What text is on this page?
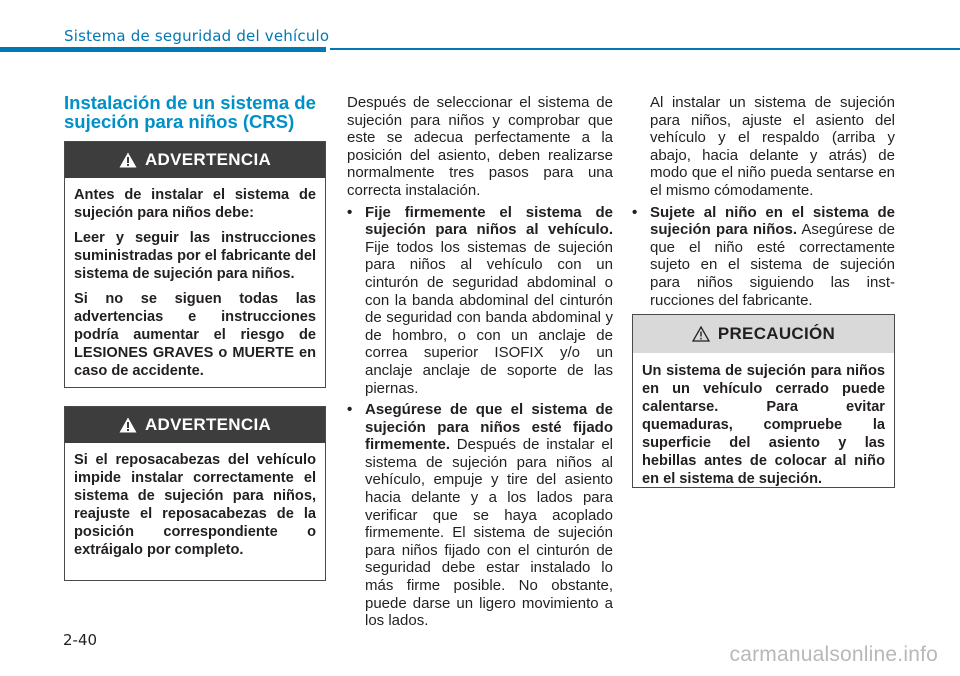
Sistema de seguridad del vehículo
Instalación de un sistema de
sujeción para niños (CRS)
ADVERTENCIA

Antes de instalar el sistema de sujeción para niños debe:

Leer y seguir las instrucciones suministradas por el fabricante del sistema de sujeción para niños.

Si no se siguen todas las advertencias e instrucciones podría aumentar el riesgo de LESIONES GRAVES o MUERTE en caso de accidente.

ADVERTENCIA

Si el reposacabezas del vehículo impide instalar correctamente el sistema de sujeción para niños, reajuste el reposacabezas de la posición correspondiente o extráigalo por completo.

Después de seleccionar el sistema de sujeción para niños y comprobar que este se adecua perfectamente a la posición del asiento, deben realizarse normalmente tres pasos para una correcta instalación.

• Fije firmemente el sistema de sujeción para niños al vehículo. Fije todos los sistemas de sujeción para niños al vehículo con un cinturón de seguridad abdominal o con la banda abdominal del cinturón de seguridad con banda abdominal y de hombro, o con un anclaje de correa superior ISOFIX y/o un anclaje anclaje de soporte de las piernas.
• Asegúrese de que el sistema de sujeción para niños esté fijado firmemente. Después de instalar el sistema de sujeción para niños al vehículo, empuje y tire del asiento hacia delante y a los lados para verificar que se haya acoplado firmemente. El sistema de sujeción para niños fijado con el cinturón de seguridad debe estar instalado lo más firme posible. No obstante, puede darse un ligero movimiento a los lados.

Al instalar un sistema de sujeción para niños, ajuste el asiento del vehículo y el respaldo (arriba y abajo, hacia delante y atrás) de modo que el niño pueda sentarse en el mismo cómodamente.

• Sujete al niño en el sistema de sujeción para niños. Asegúrese de que el niño esté correctamente sujeto en el sistema de sujeción para niños siguiendo las inst-rucciones del fabricante.
PRECAUCIÓN

Un sistema de sujeción para niños en un vehículo cerrado puede calentarse. Para evitar quemaduras, compruebe la superficie del asiento y las hebillas antes de colocar al niño en el sistema de sujeción.

2-40
carmanualsonline.info
